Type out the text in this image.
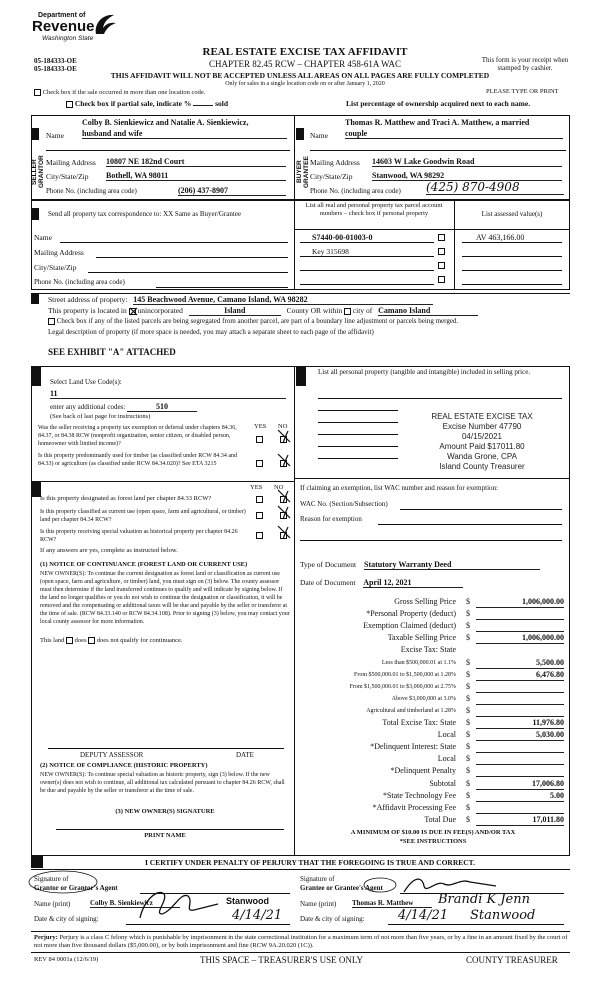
Department of
Revenue
Washington State
05-184333-OE
05-184333-OE
REAL ESTATE EXCISE TAX AFFIDAVIT
CHAPTER 82.45 RCW – CHAPTER 458-61A WAC	This form is your receipt when stamped by cashier.
THIS AFFIDAVIT WILL NOT BE ACCEPTED UNLESS ALL AREAS ON ALL PAGES ARE FULLY COMPLETED
Only for sales in a single location code on or after January 1, 2020
PLEASE TYPE OR PRINT
Check box if the sale occurred in more than one location code.
Check box if partial sale, indicate %	sold	List percentage of ownership acquired next to each name.
SELLER GRANTOR
Colby B. Sienkiewicz and Natalie A. Sienkiewicz,
Name husband and wife
Mailing Address 10807 NE 182nd Court
City/State/Zip Bothell, WA 98011
Phone No. (including area code)	(206) 437-8907
BUYER GRANTEE
Thomas R. Matthew and Traci A. Matthew, a married
Name couple
Mailing Address 14603 W Lake Goodwin Road
City/State/Zip Stanwood, WA 98292
Phone No. (including area code) (425) 870-4908
Send all property tax correspondence to: XX Same as Buyer/Grantee
List all real and personal property tax parcel account numbers – check box if personal property	List assessed value(s)
Name
Mailing Address
City/State/Zip
Phone No. (including area code)
S7440-00-01003-0
Key 315698
AV 463,166.00
Street address of property: 145 Beachwood Avenue, Camano Island, WA 98282
This property is located in unincorporated	Island	County OR within city of Camano Island
Check box if any of the listed parcels are being segregated from another parcel, are part of a boundary line adjustment or parcels being merged.
Legal description of property (if more space is needed, you may attach a separate sheet to each page of the affidavit)
SEE EXHIBIT "A" ATTACHED
Select Land Use Code(s):
11
enter any additional codes:	510
(See back of last page for instructions)
YES NO
Was the seller receiving a property tax exemption or deferral under chapters 84.36, 84.37, or 84.38 RCW (nonprofit organization, senior citizen, or disabled person, homeowner with limited income)?
Is this property predominantly used for timber (as classified under RCW 84.34 and 84.33) or agriculture (as classified under RCW 84.34.020)? See ETA 3215
YES NO
Is this property designated as forest land per chapter 84.33 RCW?
Is this property classified as current use (open space, farm and agricultural, or timber) land per chapter 84.34 RCW?
Is this property receiving special valuation as historical property per chapter 84.26 RCW?
If any answers are yes, complete as instructed below.
(1) NOTICE OF CONTINUANCE (FOREST LAND OR CURRENT USE)
NEW OWNER(S): To continue the current designation as forest land or classification as current use (open space, farm and agriculture, or timber) land, you must sign on (3) below. The county assessor must then determine if the land transferred continues to qualify and will indicate by signing below. If the land no longer qualifies or you do not wish to continue the designation or classification, it will be removed and the compensating or additional taxes will be due and payable by the seller or transferor at the time of sale. (RCW 84.33.140 or RCW 84.34.108). Prior to signing (3) below, you may contact your local county assessor for more information.
This land does does not qualify for continuance.
DEPUTY ASSESSOR	DATE
(2) NOTICE OF COMPLIANCE (HISTORIC PROPERTY)
NEW OWNER(S): To continue special valuation as historic property, sign (3) below. If the new owner(s) does not wish to continue, all additional tax calculated pursuant to chapter 84.26 RCW, shall be due and payable by the seller or transferor at the time of sale.
(3) NEW OWNER(S) SIGNATURE
PRINT NAME
List all personal property (tangible and intangible) included in selling price.
REAL ESTATE EXCISE TAX
Excise Number 47790
04/15/2021
Amount Paid $17011.80
Wanda Grone, CPA
Island County Treasurer
If claiming an exemption, list WAC number and reason for exemption:
WAC No. (Section/Subsection)
Reason for exemption
Type of Document Statutory Warranty Deed
Date of Document April 12, 2021
Gross Selling Price $	1,006,000.00
*Personal Property (deduct) $
Exemption Claimed (deduct) $
Taxable Selling Price $	1,006,000.00
Excise Tax: State
Less than $500,000.01 at 1.1% $	5,500.00
From $500,000.01 to $1,500,000 at 1.28% $	6,476.80
From $1,500,000.01 to $3,000,000 at 2.75% $
Above $3,000,000 at 3.0% $
Agricultural and timberland at 1.28% $
Total Excise Tax: State $	11,976.80
Local $	5,030.00
*Delinquent Interest: State $
Local $
*Delinquent Penalty $
Subtotal $	17,006.80
*State Technology Fee $	5.00
*Affidavit Processing Fee $
Total Due $	17,011.80
A MINIMUM OF $10.00 IS DUE IN FEE(S) AND/OR TAX
*SEE INSTRUCTIONS
I CERTIFY UNDER PENALTY OF PERJURY THAT THE FOREGOING IS TRUE AND CORRECT.
Signature of
Grantor or Grantor's Agent
Name (print)	Colby B. Sienkiewicz	Stanwood
Date & city of signing:	4/14/21
Signature of
Grantee or Grantee's Agent
Name (print) Thomas R. Matthew	Brandi K Jenn
Date & city of signing:	4/14/21 Stanwood
Perjury: Perjury is a class C felony which is punishable by imprisonment in the state correctional institution for a maximum term of not more than five years, or by a fine in an amount fixed by the court of not more than five thousand dollars ($5,000.00), or by both imprisonment and fine (RCW 9A.20.020 (1C)).
REV 84 0001a (12/6/19)	THIS SPACE – TREASURER'S USE ONLY	COUNTY TREASURER
